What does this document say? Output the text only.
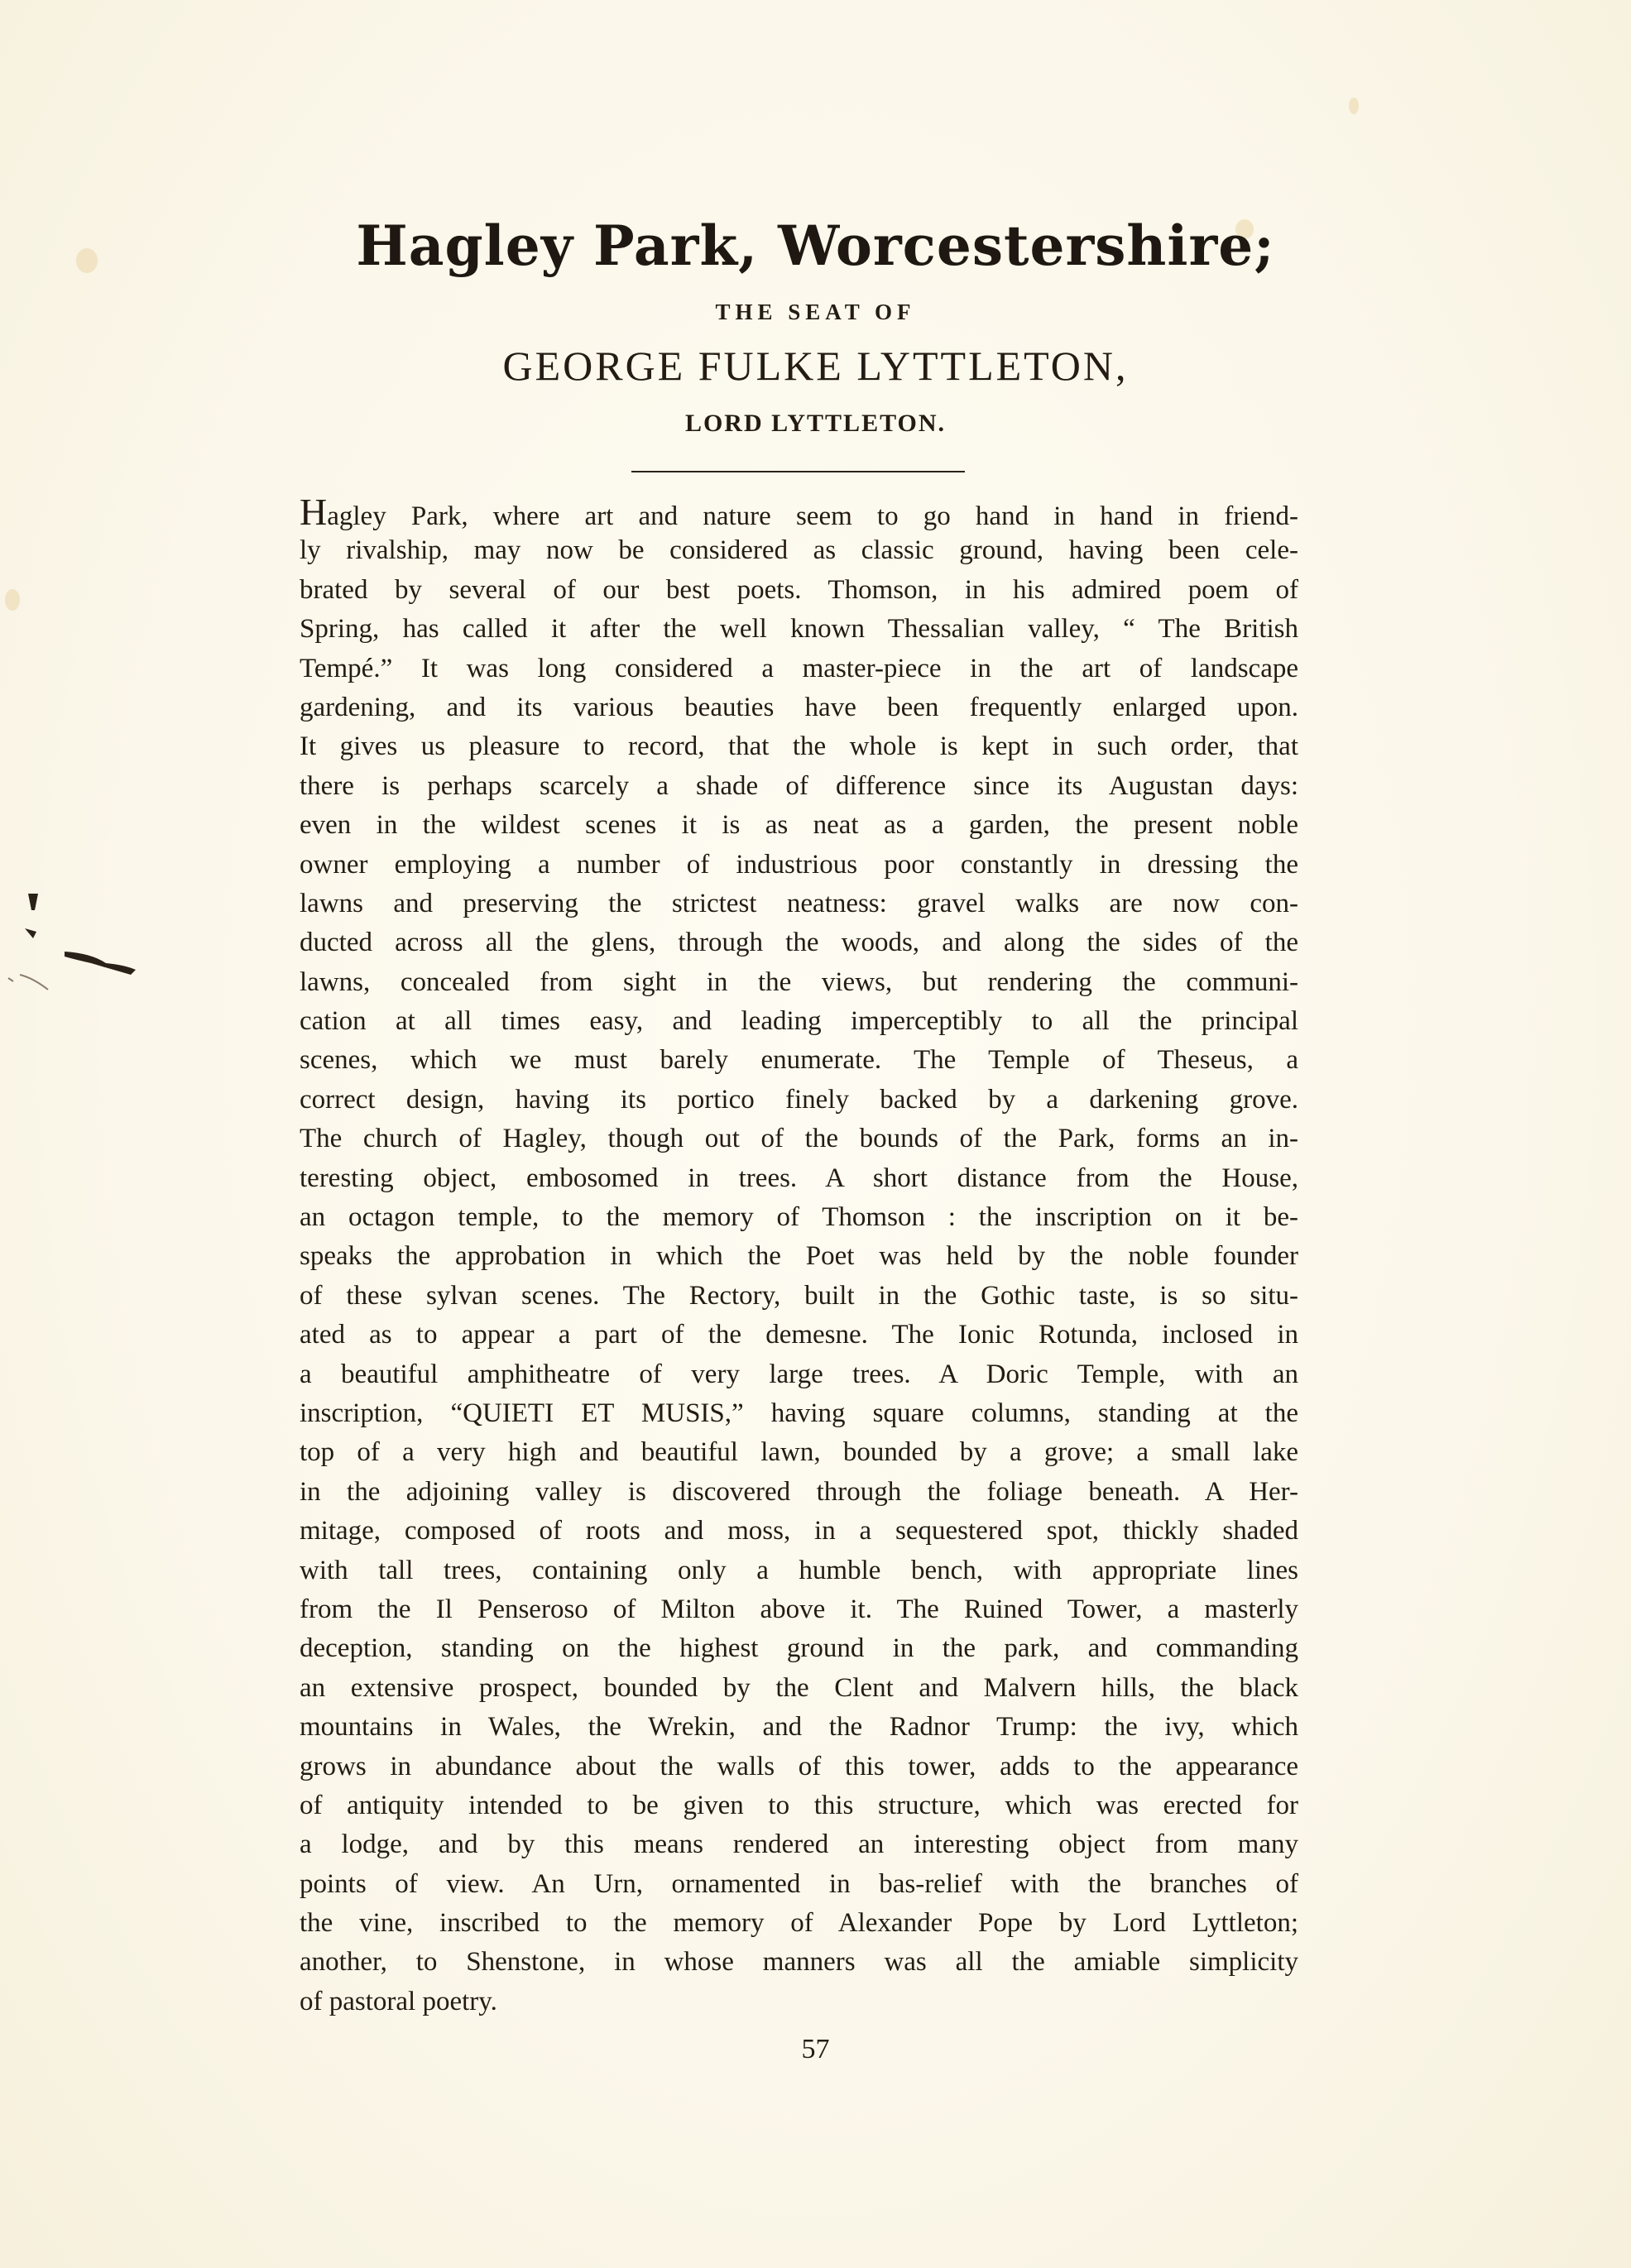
Hagley Park, Worcestershire;
THE SEAT OF
GEORGE FULKE LYTTLETON,
LORD LYTTLETON.
Hagley Park, where art and nature seem to go hand in hand in friend-
ly rivalship, may now be considered as classic ground, having been cele-
brated by several of our best poets. Thomson, in his admired poem of
Spring, has called it after the well known Thessalian valley, “ The British
Tempé.” It was long considered a master-piece in the art of landscape
gardening, and its various beauties have been frequently enlarged upon.
It gives us pleasure to record, that the whole is kept in such order, that
there is perhaps scarcely a shade of difference since its Augustan days:
even in the wildest scenes it is as neat as a garden, the present noble
owner employing a number of industrious poor constantly in dressing the
lawns and preserving the strictest neatness: gravel walks are now con-
ducted across all the glens, through the woods, and along the sides of the
lawns, concealed from sight in the views, but rendering the communi-
cation at all times easy, and leading imperceptibly to all the principal
scenes, which we must barely enumerate. The Temple of Theseus, a
correct design, having its portico finely backed by a darkening grove.
The church of Hagley, though out of the bounds of the Park, forms an in-
teresting object, embosomed in trees. A short distance from the House,
an octagon temple, to the memory of Thomson : the inscription on it be-
speaks the approbation in which the Poet was held by the noble founder
of these sylvan scenes. The Rectory, built in the Gothic taste, is so situ-
ated as to appear a part of the demesne. The Ionic Rotunda, inclosed in
a beautiful amphitheatre of very large trees. A Doric Temple, with an
inscription, “QUIETI ET MUSIS,” having square columns, standing at the
top of a very high and beautiful lawn, bounded by a grove; a small lake
in the adjoining valley is discovered through the foliage beneath. A Her-
mitage, composed of roots and moss, in a sequestered spot, thickly shaded
with tall trees, containing only a humble bench, with appropriate lines
from the Il Penseroso of Milton above it. The Ruined Tower, a masterly
deception, standing on the highest ground in the park, and commanding
an extensive prospect, bounded by the Clent and Malvern hills, the black
mountains in Wales, the Wrekin, and the Radnor Trump: the ivy, which
grows in abundance about the walls of this tower, adds to the appearance
of antiquity intended to be given to this structure, which was erected for
a lodge, and by this means rendered an interesting object from many
points of view. An Urn, ornamented in bas-relief with the branches of
the vine, inscribed to the memory of Alexander Pope by Lord Lyttleton;
another, to Shenstone, in whose manners was all the amiable simplicity
of pastoral poetry.
57
